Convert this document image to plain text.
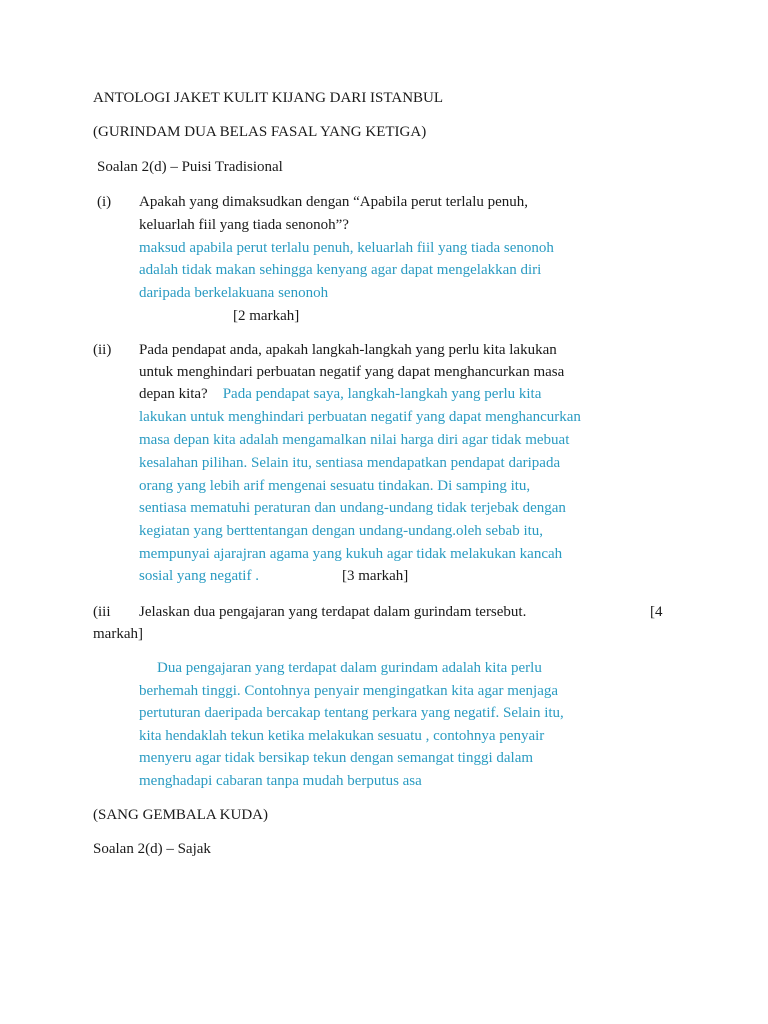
ANTOLOGI JAKET KULIT KIJANG DARI ISTANBUL

(GURINDAM DUA BELAS FASAL YANG KETIGA)

Soalan 2(d) – Puisi Tradisional

(i) Apakah yang dimaksudkan dengan “Apabila perut terlalu penuh,

keluarlah fiil yang tiada senonoh”?

maksud apabila perut terlalu penuh, keluarlah fiil yang tiada senonoh

adalah tidak makan sehingga kenyang agar dapat mengelakkan diri

daripada berkelakuana senonoh

[2 markah]

(ii) Pada pendapat anda, apakah langkah-langkah yang perlu kita lakukan

untuk menghindari perbuatan negatif yang dapat menghancurkan masa

depan kita? Pada pendapat saya, langkah-langkah yang perlu kita

lakukan untuk menghindari perbuatan negatif yang dapat menghancurkan

masa depan kita adalah mengamalkan nilai harga diri agar tidak mebuat

kesalahan pilihan. Selain itu, sentiasa mendapatkan pendapat daripada

orang yang lebih arif mengenai sesuatu tindakan. Di samping itu,

sentiasa mematuhi peraturan dan undang-undang tidak terjebak dengan

kegiatan yang berttentangan dengan undang-undang.oleh sebab itu,

mempunyai ajarajran agama yang kukuh agar tidak melakukan kancah

sosial yang negatif .	[3 markah]

(iii Jelaskan dua pengajaran yang terdapat dalam gurindam tersebut.	[4

markah]

Dua pengajaran yang terdapat dalam gurindam adalah kita perlu

berhemah tinggi. Contohnya penyair mengingatkan kita agar menjaga

pertuturan daeripada bercakap tentang perkara yang negatif. Selain itu,

kita hendaklah tekun ketika melakukan sesuatu , contohnya penyair

menyeru agar tidak bersikap tekun dengan semangat tinggi dalam

menghadapi cabaran tanpa mudah berputus asa

(SANG GEMBALA KUDA)

Soalan 2(d) – Sajak
